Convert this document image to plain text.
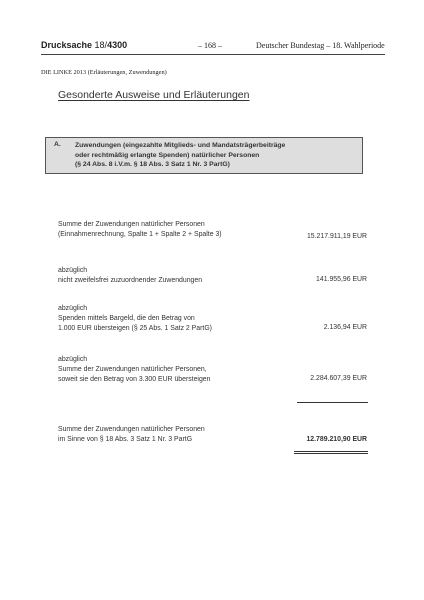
Drucksache 18/4300	– 168 –	Deutscher Bundestag – 18. Wahlperiode
DIE LINKE 2013 (Erläuterungen, Zuwendungen)
Gesonderte Ausweise und Erläuterungen
A. Zuwendungen (eingezahlte Mitglieds- und Mandatsträgerbeiträge
oder rechtmäßig erlangte Spenden) natürlicher Personen
(§ 24 Abs. 8 i.V.m. § 18 Abs. 3 Satz 1 Nr. 3 PartG)
Summe der Zuwendungen natürlicher Personen
(Einnahmenrechnung, Spalte 1 + Spalte 2 + Spalte 3)	15.217.911,19 EUR
abzüglich
nicht zweifelsfrei zuzuordnender Zuwendungen	141.955,96 EUR
abzüglich
Spenden mittels Bargeld, die den Betrag von
1.000 EUR übersteigen (§ 25 Abs. 1 Satz 2 PartG)	2.136,94 EUR
abzüglich
Summe der Zuwendungen natürlicher Personen,
soweit sie den Betrag von 3.300 EUR übersteigen	2.284.607,39 EUR
Summe der Zuwendungen natürlicher Personen
im Sinne von § 18 Abs. 3 Satz 1 Nr. 3 PartG	12.789.210,90 EUR
